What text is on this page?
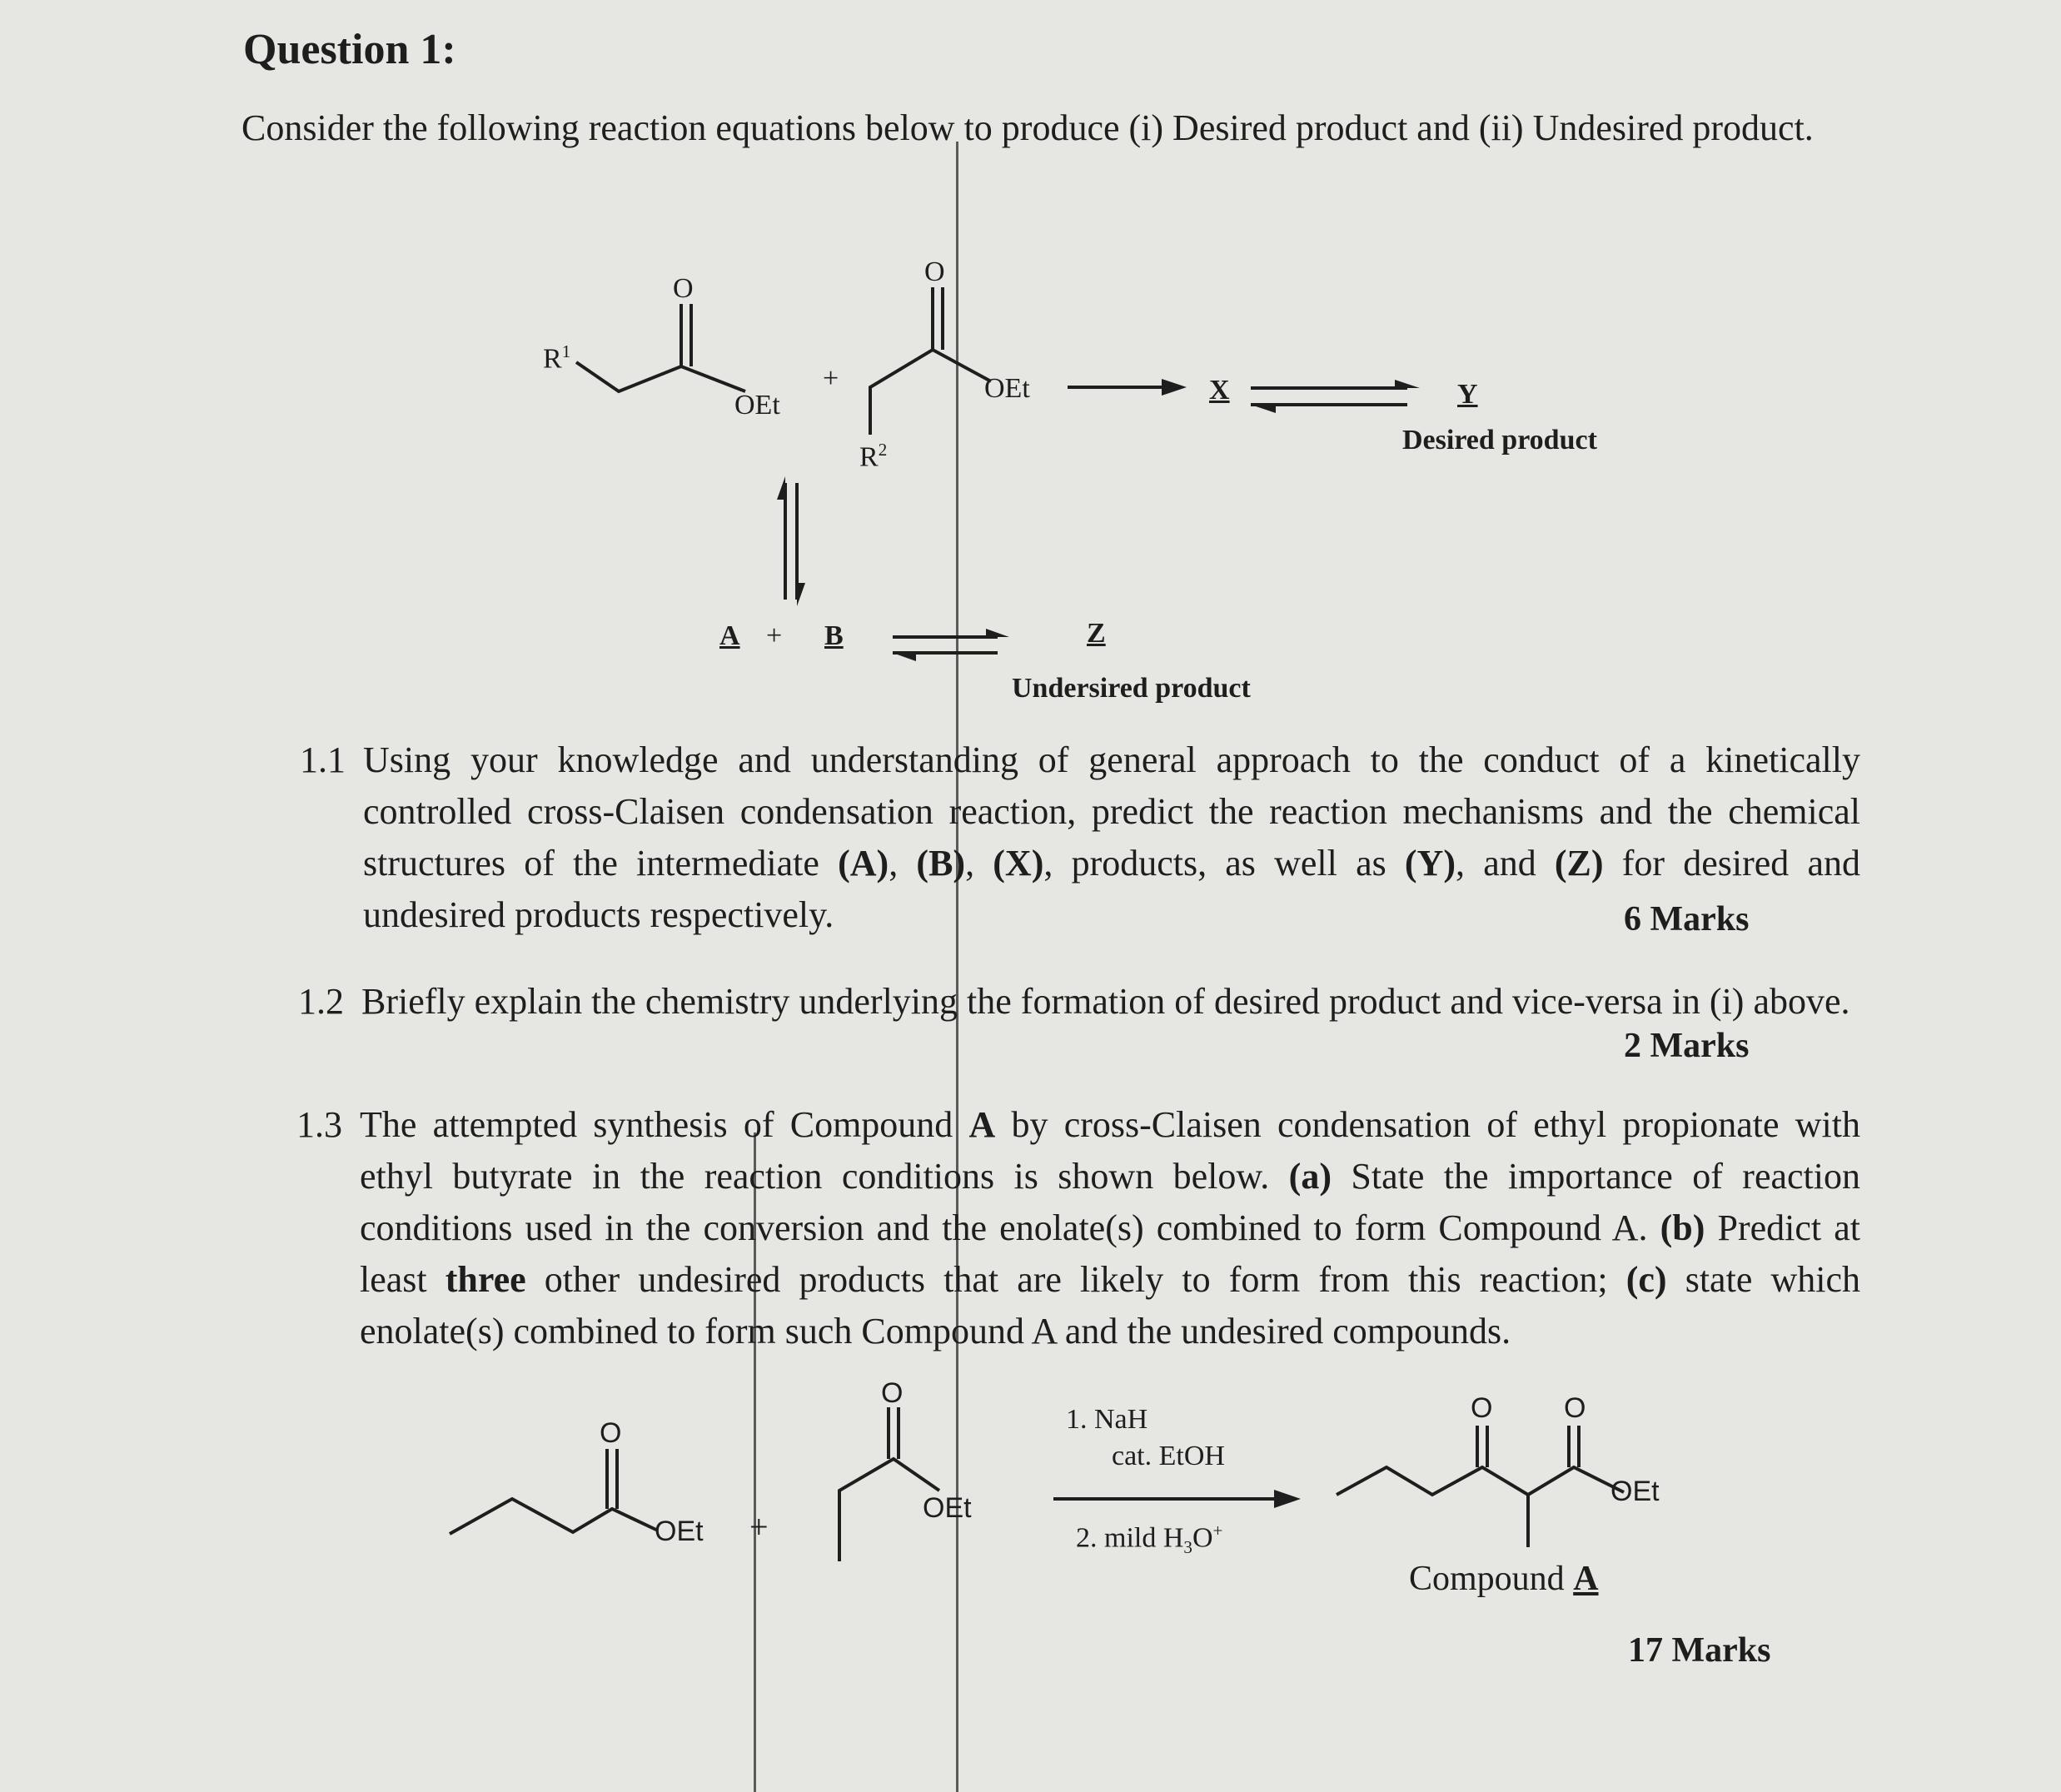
Question 1:
Consider the following reaction equations below to produce (i) Desired product and (ii) Undesired product.
O
$R^1$
OEt
+
O
OEt
$R^2$
X	Y
Desired product
A + B	Z
Undersired product
1.1 Using your knowledge and understanding of general approach to the conduct of a kinetically controlled cross-Claisen condensation reaction, predict the reaction mechanisms and the chemical structures of the intermediate (A), (B), (X), products, as well as (Y), and (Z) for desired and undesired products respectively.	6 Marks
1.2 Briefly explain the chemistry underlying the formation of desired product and vice-versa in (i) above.
2 Marks
1.3 The attempted synthesis of Compound A by cross-Claisen condensation of ethyl propionate with ethyl butyrate in the reaction conditions is shown below. (a) State the importance of reaction conditions used in the conversion and the enolate(s) combined to form Compound A. (b) Predict at least three other undesired products that are likely to form from this reaction; (c) state which enolate(s) combined to form such Compound A and the undesired compounds.
O
OEt +
O
OEt
1. NaH
cat. EtOH
2. mild $H_3O^+$
O	O
OEt
Compound A
17 Marks
